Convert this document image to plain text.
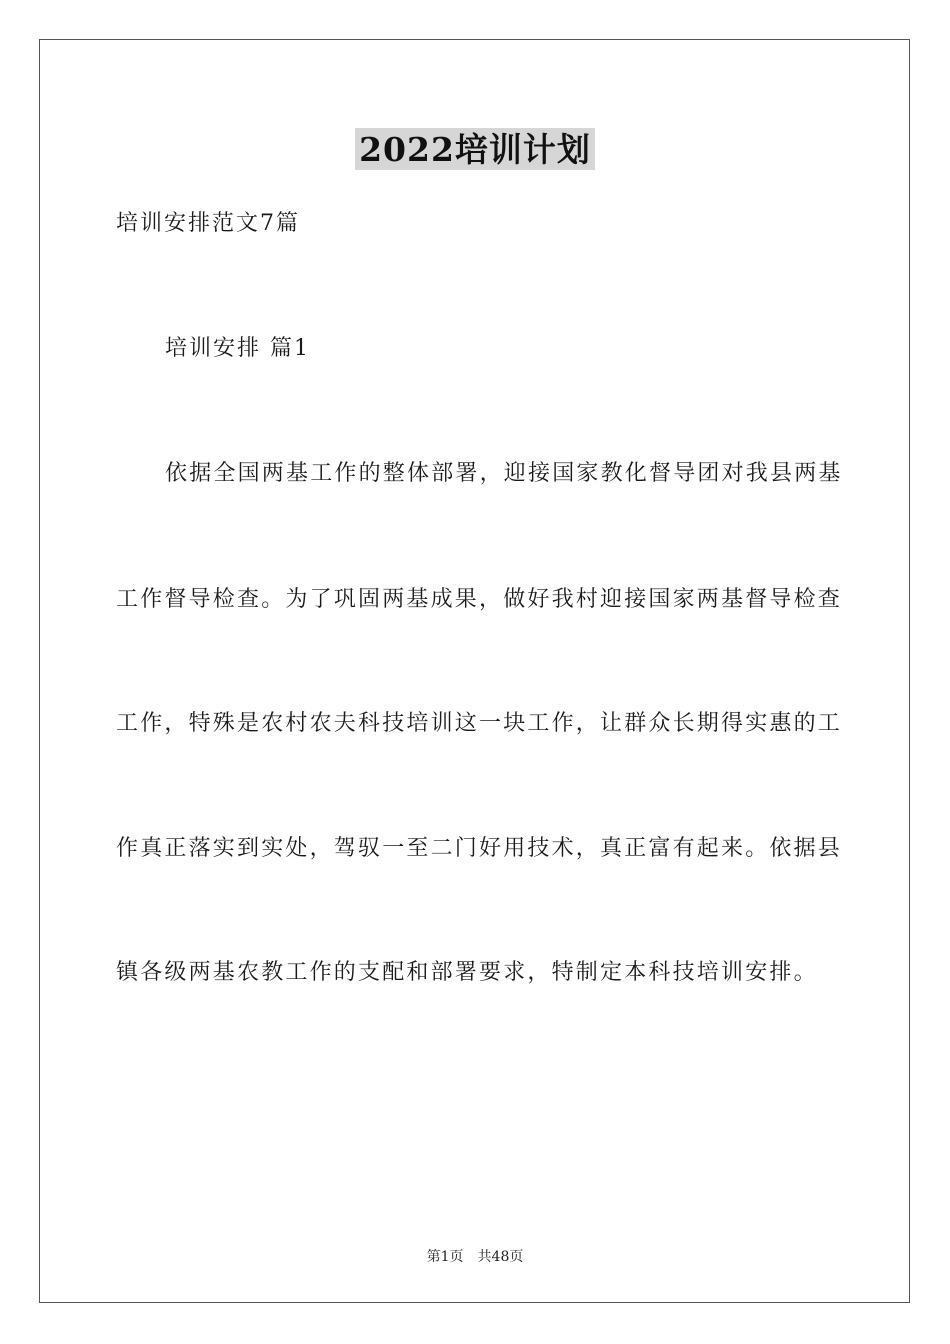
2022培训计划
培训安排范文7篇
培训安排 篇1
依据全国两基工作的整体部署，迎接国家教化督导团对我县两基
工作督导检查。为了巩固两基成果，做好我村迎接国家两基督导检查
工作，特殊是农村农夫科技培训这一块工作，让群众长期得实惠的工
作真正落实到实处，驾驭一至二门好用技术，真正富有起来。依据县
镇各级两基农教工作的支配和部署要求，特制定本科技培训安排。
第1页 共48页
